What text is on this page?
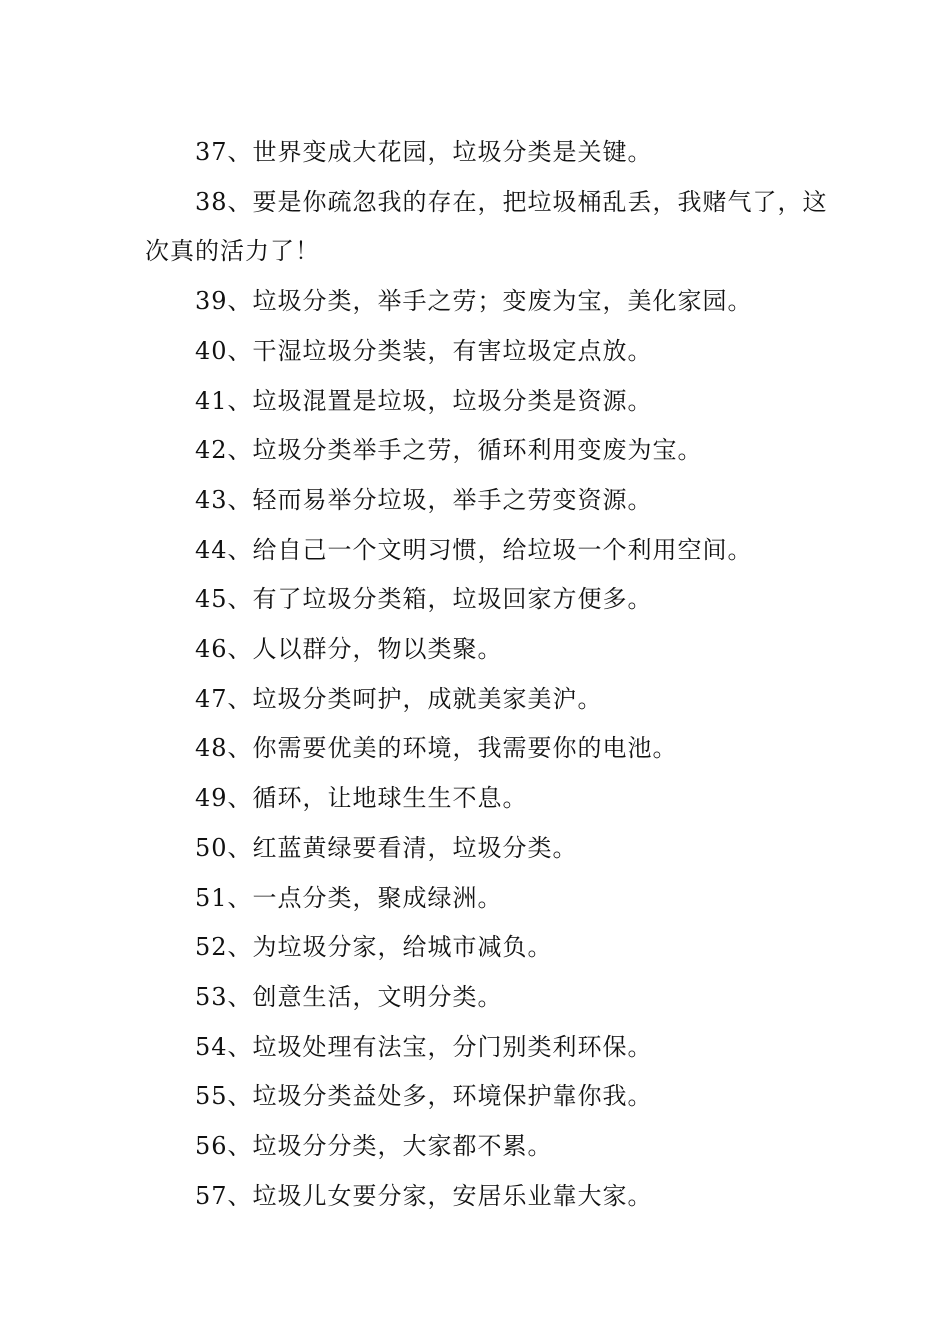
37、世界变成大花园，垃圾分类是关键。

38、要是你疏忽我的存在，把垃圾桶乱丢，我赌气了，这次真的活力了！

39、垃圾分类，举手之劳；变废为宝，美化家园。

40、干湿垃圾分类装，有害垃圾定点放。

41、垃圾混置是垃圾，垃圾分类是资源。

42、垃圾分类举手之劳，循环利用变废为宝。

43、轻而易举分垃圾，举手之劳变资源。

44、给自己一个文明习惯，给垃圾一个利用空间。

45、有了垃圾分类箱，垃圾回家方便多。

46、人以群分，物以类聚。

47、垃圾分类呵护，成就美家美沪。

48、你需要优美的环境，我需要你的电池。

49、循环，让地球生生不息。

50、红蓝黄绿要看清，垃圾分类。

51、一点分类，聚成绿洲。

52、为垃圾分家，给城市减负。

53、创意生活，文明分类。

54、垃圾处理有法宝，分门别类利环保。

55、垃圾分类益处多，环境保护靠你我。

56、垃圾分分类，大家都不累。

57、垃圾儿女要分家，安居乐业靠大家。
